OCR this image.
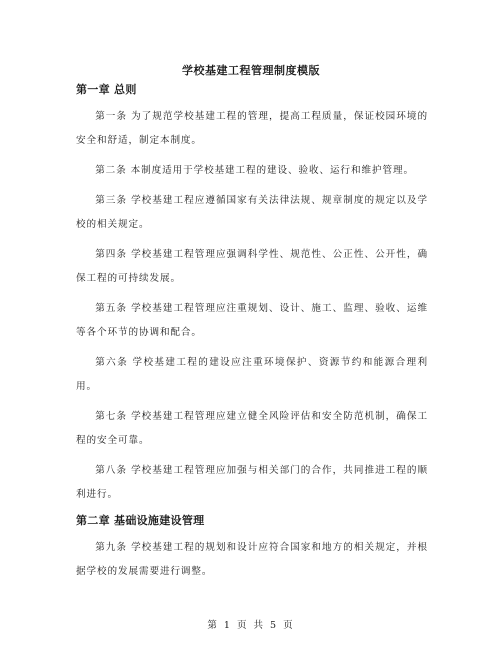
学校基建工程管理制度模版
第一章 总则

第一条 为了规范学校基建工程的管理，提高工程质量，保证校园环境的安全和舒适，制定本制度。

第二条 本制度适用于学校基建工程的建设、验收、运行和维护管理。

第三条 学校基建工程应遵循国家有关法律法规、规章制度的规定以及学校的相关规定。

第四条 学校基建工程管理应强调科学性、规范性、公正性、公开性，确保工程的可持续发展。

第五条 学校基建工程管理应注重规划、设计、施工、监理、验收、运维等各个环节的协调和配合。

第六条 学校基建工程的建设应注重环境保护、资源节约和能源合理利用。

第七条 学校基建工程管理应建立健全风险评估和安全防范机制，确保工程的安全可靠。

第八条 学校基建工程管理应加强与相关部门的合作，共同推进工程的顺利进行。

第二章 基础设施建设管理

第九条 学校基建工程的规划和设计应符合国家和地方的相关规定，并根据学校的发展需要进行调整。

第 1 页 共 5 页
